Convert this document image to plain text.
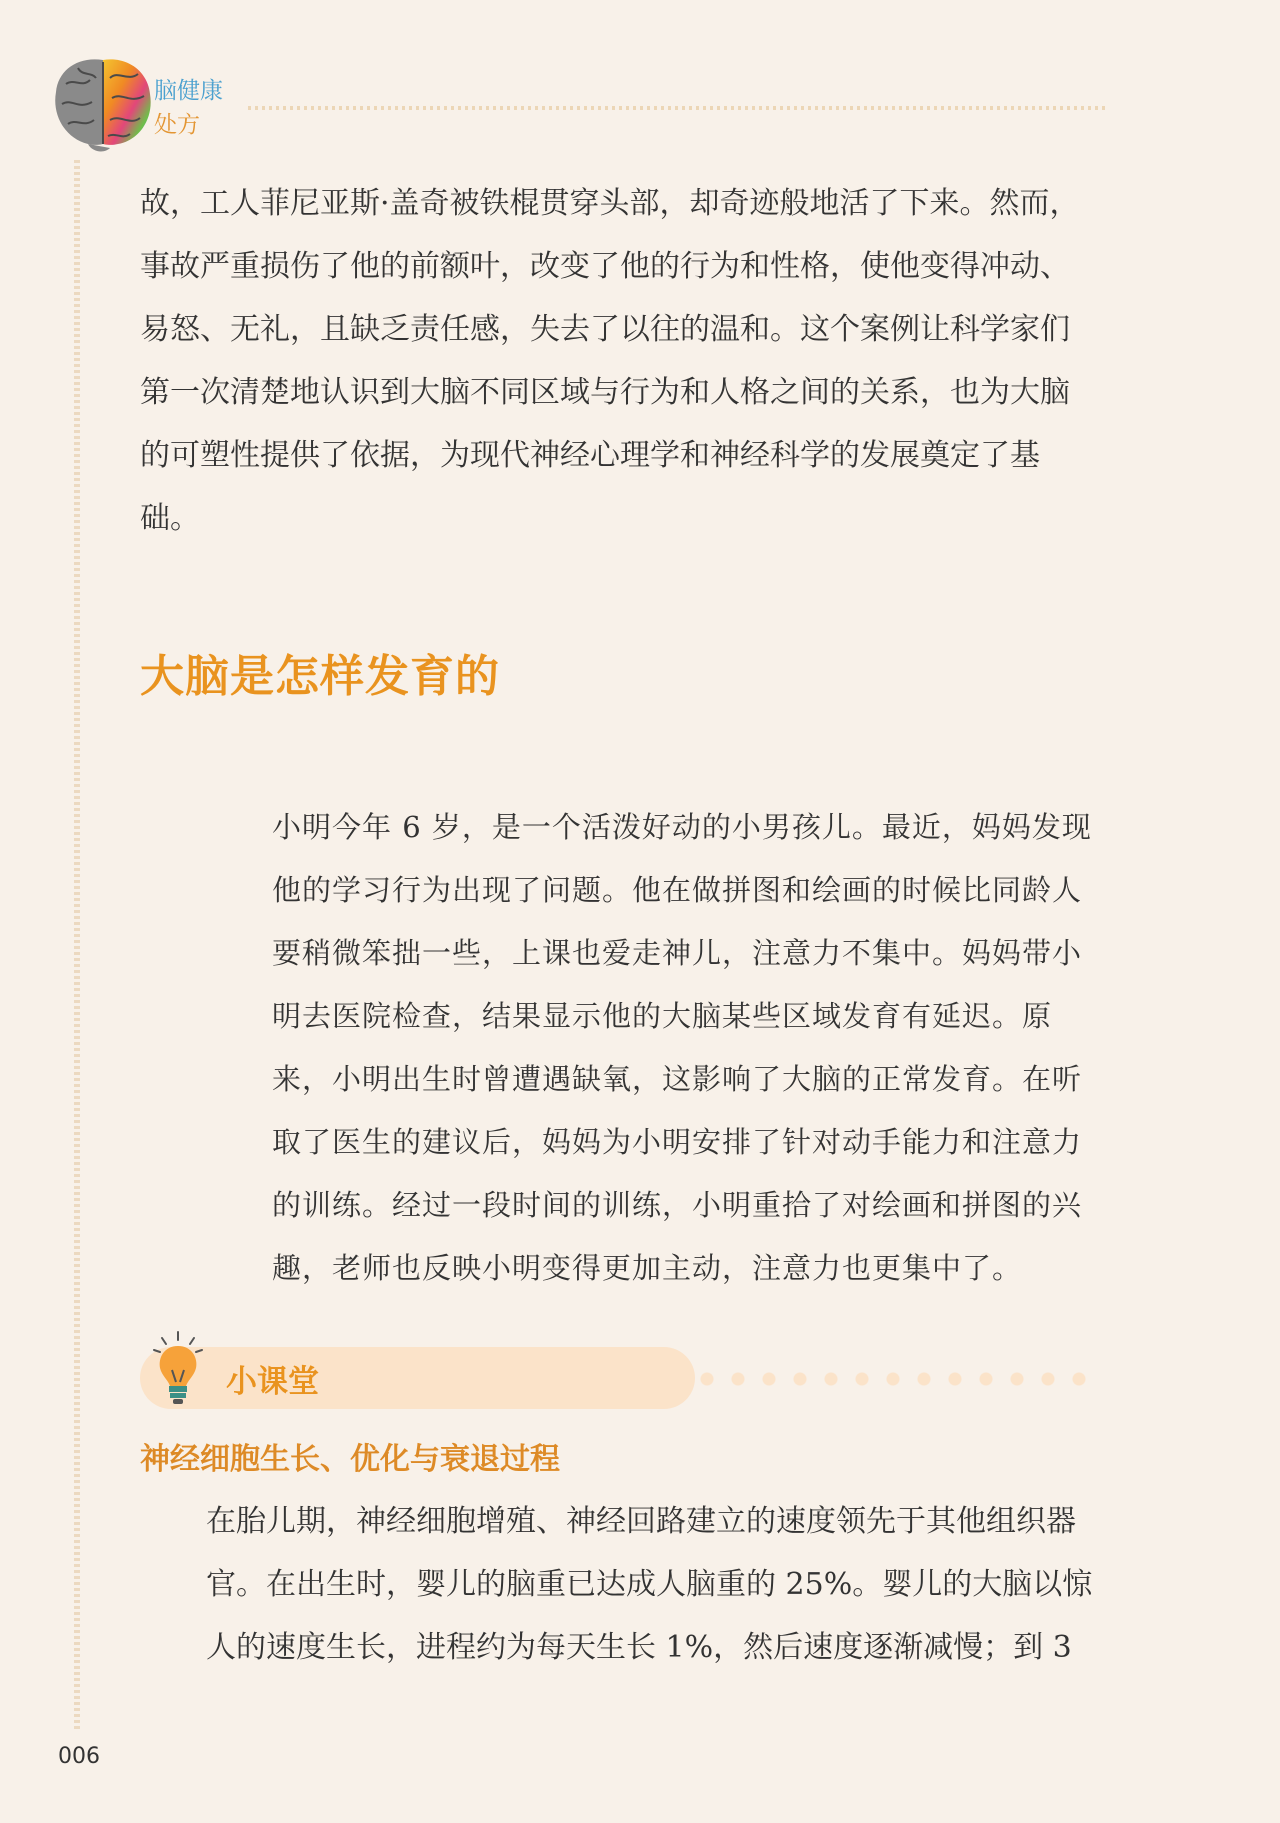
脑健康
处方
故，工人菲尼亚斯·盖奇被铁棍贯穿头部，却奇迹般地活了下来。然而，事故严重损伤了他的前额叶，改变了他的行为和性格，使他变得冲动、易怒、无礼，且缺乏责任感，失去了以往的温和。这个案例让科学家们第一次清楚地认识到大脑不同区域与行为和人格之间的关系，也为大脑的可塑性提供了依据，为现代神经心理学和神经科学的发展奠定了基础。
大脑是怎样发育的
小明今年 6 岁，是一个活泼好动的小男孩儿。最近，妈妈发现他的学习行为出现了问题。他在做拼图和绘画的时候比同龄人要稍微笨拙一些，上课也爱走神儿，注意力不集中。妈妈带小明去医院检查，结果显示他的大脑某些区域发育有延迟。原来，小明出生时曾遭遇缺氧，这影响了大脑的正常发育。在听取了医生的建议后，妈妈为小明安排了针对动手能力和注意力的训练。经过一段时间的训练，小明重拾了对绘画和拼图的兴趣，老师也反映小明变得更加主动，注意力也更集中了。
小课堂
神经细胞生长、优化与衰退过程
在胎儿期，神经细胞增殖、神经回路建立的速度领先于其他组织器官。在出生时，婴儿的脑重已达成人脑重的 25%。婴儿的大脑以惊人的速度生长，进程约为每天生长 1%，然后速度逐渐减慢；到 3
006
